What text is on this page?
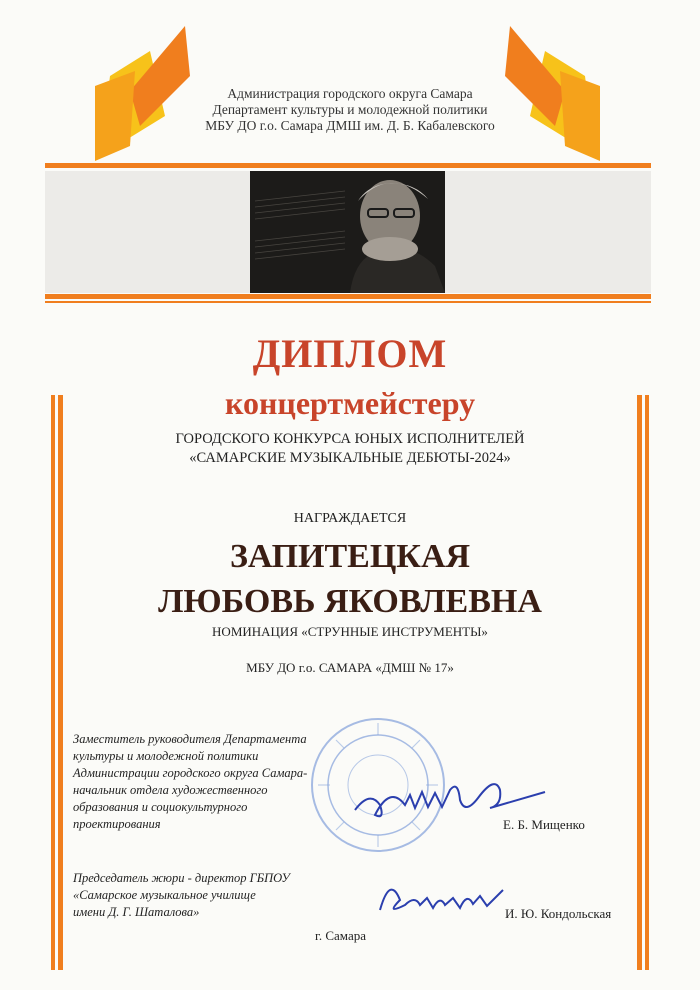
Администрация городского округа Самара
Департамент культуры и молодежной политики
МБУ ДО г.о. Самара ДМШ им. Д. Б. Кабалевского
ДИПЛОМ
концертмейстеру
ГОРОДСКОГО КОНКУРСА ЮНЫХ ИСПОЛНИТЕЛЕЙ
«САМАРСКИЕ МУЗЫКАЛЬНЫЕ ДЕБЮТЫ-2024»
НАГРАЖДАЕТСЯ
ЗАПИТЕЦКАЯ
ЛЮБОВЬ ЯКОВЛЕВНА
НОМИНАЦИЯ «СТРУННЫЕ ИНСТРУМЕНТЫ»
МБУ ДО г.о. САМАРА «ДМШ № 17»
Заместитель руководителя Департамента
культуры и молодежной политики
Администрации городского округа Самара-
начальник отдела художественного
образования и социокультурного
проектирования	Е. Б. Мищенко
Председатель жюри - директор ГБПОУ
«Самарское музыкальное училище
имени Д. Г. Шаталова»	И. Ю. Кондольская
г. Самара
